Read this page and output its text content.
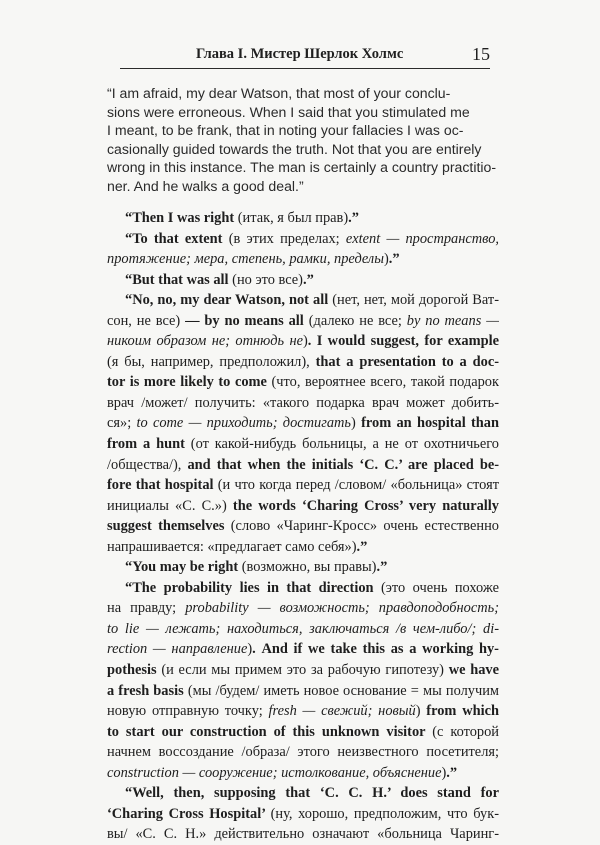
Глава I. Мистер Шерлок Холмс	15
“I am afraid, my dear Watson, that most of your conclu-
sions were erroneous. When I said that you stimulated me
I meant, to be frank, that in noting your fallacies I was oc-
casionally guided towards the truth. Not that you are entirely
wrong in this instance. The man is certainly a country practitio-
ner. And he walks a good deal.”
“Then I was right (итак, я был прав).”
“To that extent (в этих пределах; extent — пространство,
протяжение; мера, степень, рамки, пределы).”
“But that was all (но это все).”
“No, no, my dear Watson, not all (нет, нет, мой дорогой Ват-
сон, не все) — by no means all (далеко не все; by no means —
никоим образом не; отнюдь не). I would suggest, for example
(я бы, например, предположил), that a presentation to a doc-
tor is more likely to come (что, вероятнее всего, такой подарок
врач /может/ получить: «такого подарка врач может добить-
ся»; to come — приходить; достигать) from an hospital than
from a hunt (от какой-нибудь больницы, а не от охотничьего
/общества/), and that when the initials ‘C. C.’ are placed be-
fore that hospital (и что когда перед /словом/ «больница» стоят
инициалы «С. С.») the words ‘Charing Cross’ very naturally
suggest themselves (слово «Чаринг-Кросс» очень естественно
напрашивается: «предлагает само себя»).”
“You may be right (возможно, вы правы).”
“The probability lies in that direction (это очень похоже
на правду; probability — возможность; правдоподобность;
to lie — лежать; находиться, заключаться /в чем-либо/; di-
rection — направление). And if we take this as a working hy-
pothesis (и если мы примем это за рабочую гипотезу) we have
a fresh basis (мы /будем/ иметь новое основание = мы получим
новую отправную точку; fresh — свежий; новый) from which
to start our construction of this unknown visitor (с которой
начнем воссоздание /образа/ этого неизвестного посетителя;
construction — сооружение; истолкование, объяснение).”
“Well, then, supposing that ‘C. C. H.’ does stand for
‘Charing Cross Hospital’ (ну, хорошо, предположим, что бук-
вы/ «С. С. Н.» действительно означают «больница Чаринг-
